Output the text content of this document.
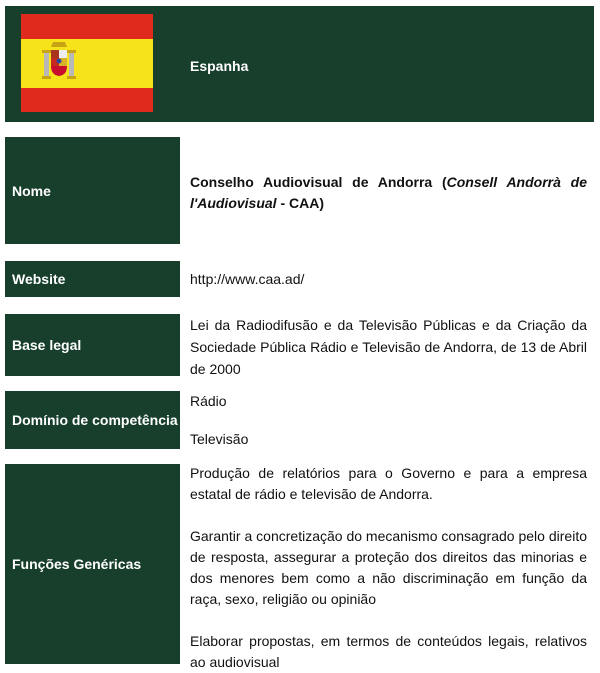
Espanha
Nome
Conselho Audiovisual de Andorra (Consell Andorrà de l'Audiovisual - CAA)
Website	http://www.caa.ad/
Base legal
Lei da Radiodifusão e da Televisão Públicas e da Criação da Sociedade Pública Rádio e Televisão de Andorra, de 13 de Abril de 2000
Domínio de competência

Rádio

Televisão

Funções Genéricas

Produção de relatórios para o Governo e para a empresa estatal de rádio e televisão de Andorra.

Garantir a concretização do mecanismo consagrado pelo direito de resposta, assegurar a proteção dos direitos das minorias e dos menores bem como a não discriminação em função da raça, sexo, religião ou opinião

Elaborar propostas, em termos de conteúdos legais, relativos ao audiovisual
